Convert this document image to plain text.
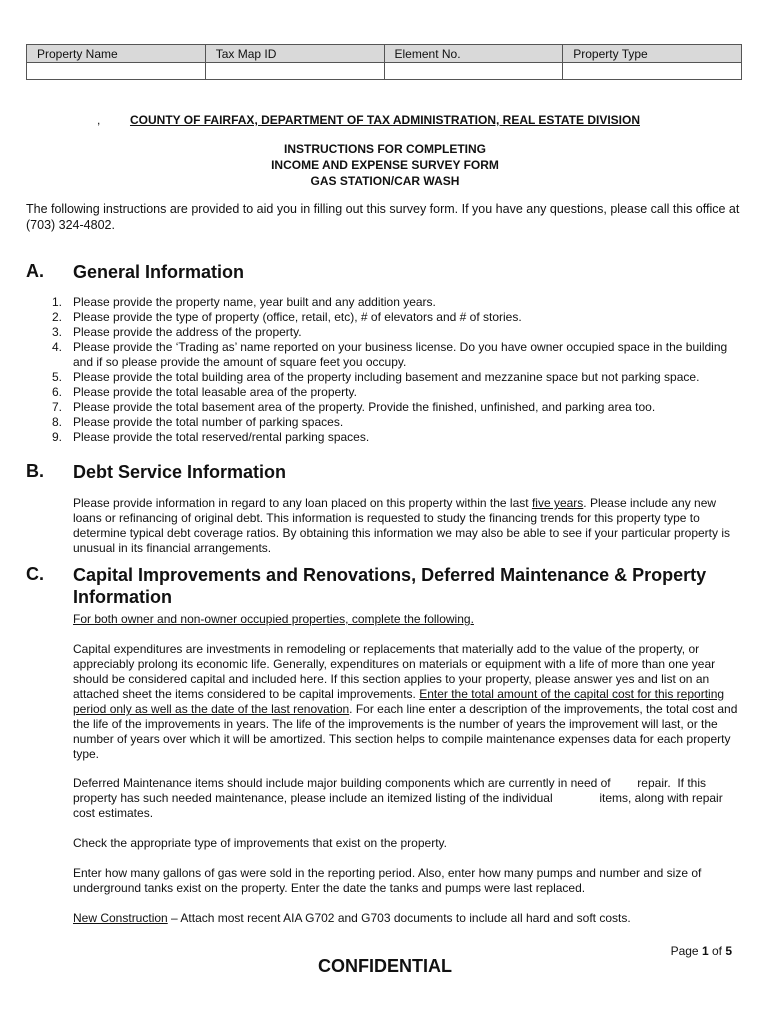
Property Name	Tax Map ID	Element No.	Property Type

,	COUNTY OF FAIRFAX, DEPARTMENT OF TAX ADMINISTRATION, REAL ESTATE DIVISION
INSTRUCTIONS FOR COMPLETING
INCOME AND EXPENSE SURVEY FORM
GAS STATION/CAR WASH
The following instructions are provided to aid you in filling out this survey form. If you have any questions, please call this office at (703) 324-4802.
A. General Information
1. Please provide the property name, year built and any addition years.
2. Please provide the type of property (office, retail, etc), # of elevators and # of stories.
3. Please provide the address of the property.
4. Please provide the ‘Trading as’ name reported on your business license. Do you have owner occupied space in the building and if so please provide the amount of square feet you occupy.
5. Please provide the total building area of the property including basement and mezzanine space but not parking space.
6. Please provide the total leasable area of the property.
7. Please provide the total basement area of the property. Provide the finished, unfinished, and parking area too.
8. Please provide the total number of parking spaces.
9. Please provide the total reserved/rental parking spaces.
B. Debt Service Information
Please provide information in regard to any loan placed on this property within the last five years. Please include any new loans or refinancing of original debt. This information is requested to study the financing trends for this property type to determine typical debt coverage ratios. By obtaining this information we may also be able to see if your particular property is unusual in its financial arrangements.
C. Capital Improvements and Renovations, Deferred Maintenance & Property Information
For both owner and non-owner occupied properties, complete the following.
Capital expenditures are investments in remodeling or replacements that materially add to the value of the property, or appreciably prolong its economic life. Generally, expenditures on materials or equipment with a life of more than one year should be considered capital and included here. If this section applies to your property, please answer yes and list on an attached sheet the items considered to be capital improvements. Enter the total amount of the capital cost for this reporting period only as well as the date of the last renovation. For each line enter a description of the improvements, the total cost and the life of the improvements in years. The life of the improvements is the number of years the improvement will last, or the number of years over which it will be amortized. This section helps to compile maintenance expenses data for each property type.
Deferred Maintenance items should include major building components which are currently in need of        repair.  If this property has such needed maintenance, please include an itemized listing of the individual              items, along with repair cost estimates.
Check the appropriate type of improvements that exist on the property.
Enter how many gallons of gas were sold in the reporting period. Also, enter how many pumps and number and size of underground tanks exist on the property. Enter the date the tanks and pumps were last replaced.
New Construction – Attach most recent AIA G702 and G703 documents to include all hard and soft costs.
Page 1 of 5
CONFIDENTIAL
